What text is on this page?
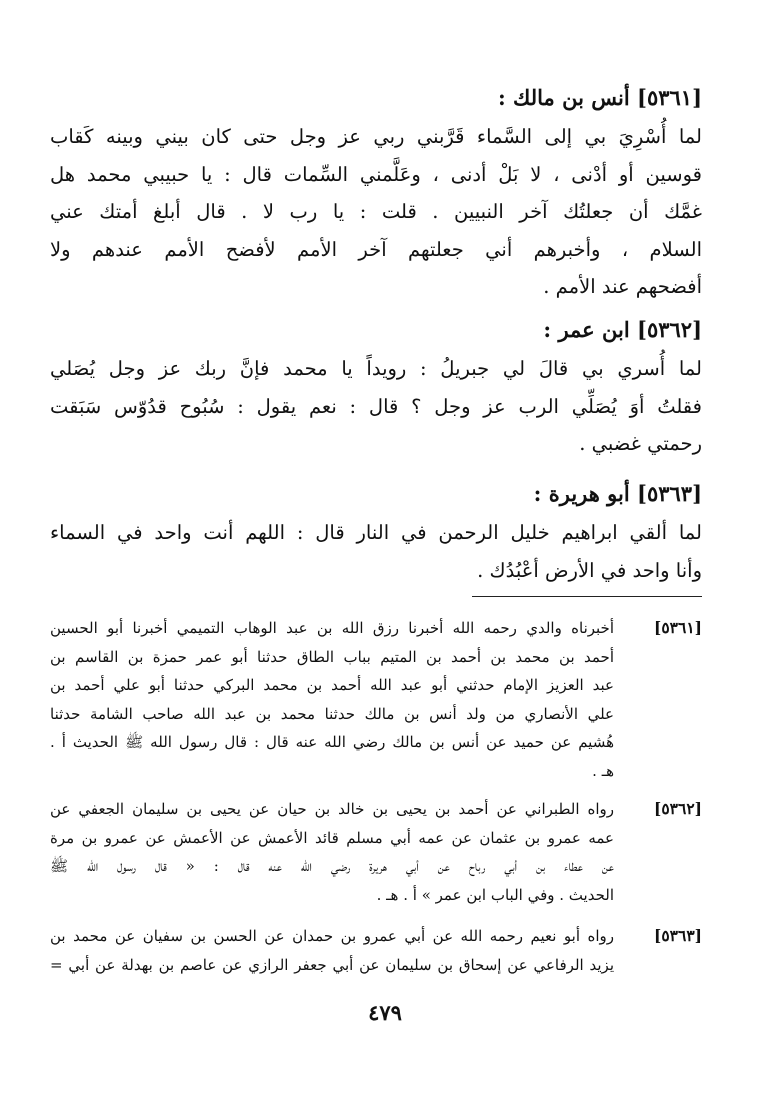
[٥٣٦١] أنس بن مالك :
لما أُسْرِيَ بي إلى السَّماء قَرَّبني ربي عز وجل حتى كان بيني وبينه كَقاب
قوسين أو أدْنى ، لا بَلْ أدنى ، وعَلَّمني السِّمات قال : يا حبيبي محمد هل
غمَّك أن جعلتُك آخر النبيين . قلت : يا رب لا . قال أبلغ أمتك عني
السلام ، وأخبرهم أني جعلتهم آخر الأمم لأفضح الأمم عندهم ولا
أفضحهم عند الأمم .
[٥٣٦٢] ابن عمر :
لما أُسري بي قالَ لي جبريلُ : رويداً يا محمد فإنَّ ربك عز وجل يُصَلي
فقلتُ أوَ يُصَلِّي الرب عز وجل ؟ قال : نعم يقول : سُبُوح قدُوّس سَبَقت
رحمتي غضبي .
[٥٣٦٣] أبو هريرة :
لما ألقي ابراهيم خليل الرحمن في النار قال : اللهم أنت واحد في السماء
وأنا واحد في الأرض أعْبُدُك .
[٥٣٦١]
أخبرناه والدي رحمه الله أخبرنا رزق الله بن عبد الوهاب التميمي أخبرنا أبو الحسين
أحمد بن محمد بن أحمد بن المتيم بباب الطاق حدثنا أبو عمر حمزة بن القاسم بن
عبد العزيز الإمام حدثني أبو عبد الله أحمد بن محمد البركي حدثنا أبو علي أحمد بن
علي الأنصاري من ولد أنس بن مالك حدثنا محمد بن عبد الله صاحب الشامة حدثنا
هُشيم عن حميد عن أنس بن مالك رضي الله عنه قال : قال رسول الله ﷺ الحديث أ .
هـ .
[٥٣٦٢]
رواه الطبراني عن أحمد بن يحيى بن خالد بن حيان عن يحيى بن سليمان الجعفي عن
عمه عمرو بن عثمان عن عمه أبي مسلم قائد الأعمش عن الأعمش عن عمرو بن مرة
عن عطاء بن أبي رباح عن أبي هريرة رضي الله عنه قال : « قال رسول الله ﷺ
الحديث . وفي الباب ابن عمر » أ . هـ .
[٥٣٦٣]
رواه أبو نعيم رحمه الله عن أبي عمرو بن حمدان عن الحسن بن سفيان عن محمد بن
يزيد الرفاعي عن إسحاق بن سليمان عن أبي جعفر الرازي عن عاصم بن بهدلة عن أبي =
٤٧٩
